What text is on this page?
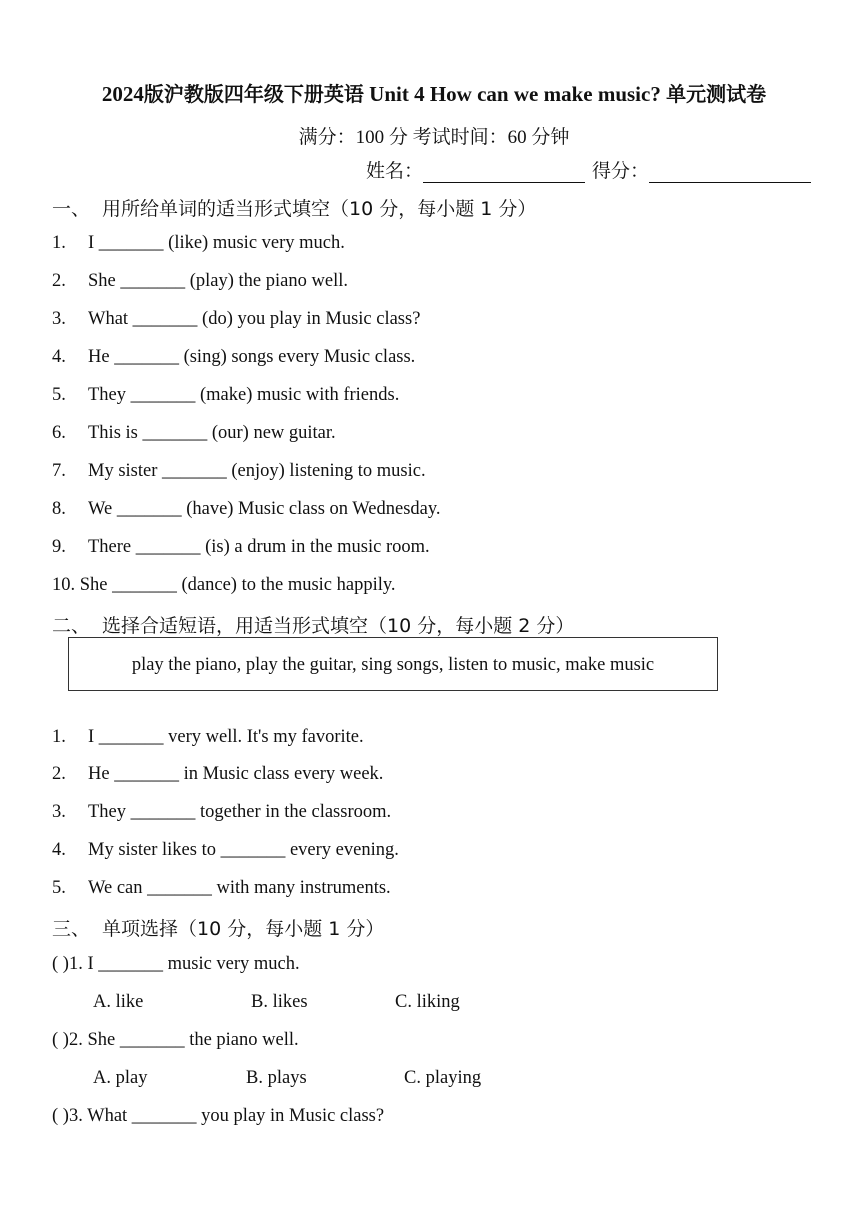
2024版沪教版四年级下册英语 Unit 4 How can we make music? 单元测试卷
满分：100 分 考试时间：60 分钟
姓名：	得分：
一、 用所给单词的适当形式填空（10 分，每小题 1 分）
1. I _______ (like) music very much.
2. She _______ (play) the piano well.
3. What _______ (do) you play in Music class?
4. He _______ (sing) songs every Music class.
5. They _______ (make) music with friends.
6. This is _______ (our) new guitar.
7. My sister _______ (enjoy) listening to music.
8. We _______ (have) Music class on Wednesday.
9. There _______ (is) a drum in the music room.
10. She _______ (dance) to the music happily.
二、 选择合适短语，用适当形式填空（10 分，每小题 2 分）
play the piano, play the guitar, sing songs, listen to music, make music
1. I _______ very well. It's my favorite.
2. He _______ in Music class every week.
3. They _______ together in the classroom.
4. My sister likes to _______ every evening.
5. We can _______ with many instruments.
三、 单项选择（10 分，每小题 1 分）
( )1. I _______ music very much.
A. like	B. likes	C. liking
( )2. She _______ the piano well.
A. play	B. plays	C. playing
( )3. What _______ you play in Music class?
